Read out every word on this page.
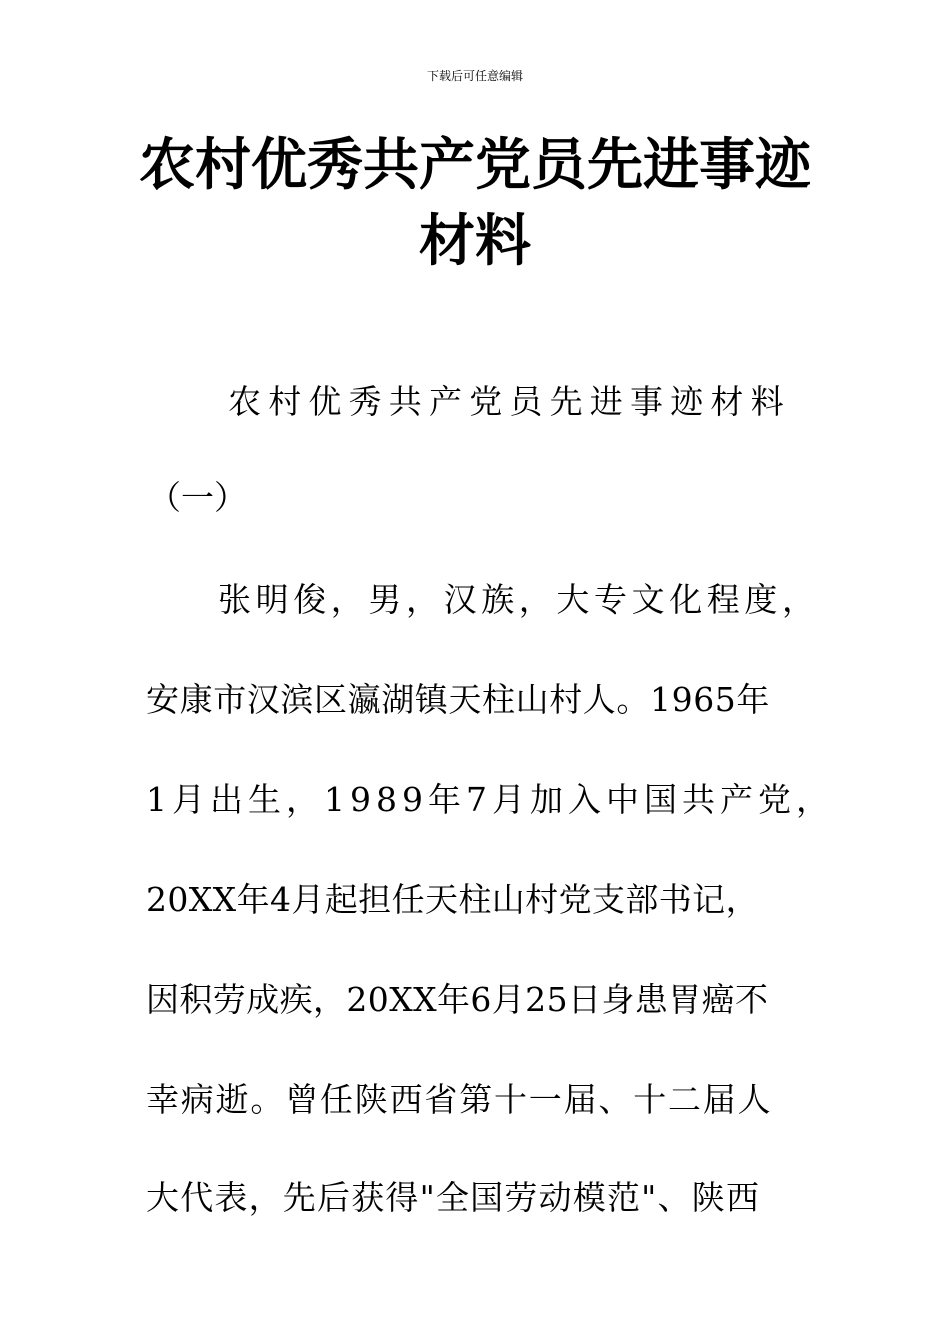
下载后可任意编辑
农村优秀共产党员先进事迹材料
农村优秀共产党员先进事迹材料
（一）
张明俊，男，汉族，大专文化程度，
安康市汉滨区瀛湖镇天柱山村人。1965年
1月出生，1989年7月加入中国共产党，
20XX年4月起担任天柱山村党支部书记，
因积劳成疾，20XX年6月25日身患胃癌不
幸病逝。曾任陕西省第十一届、十二届人
大代表，先后获得"全国劳动模范"、陕西
